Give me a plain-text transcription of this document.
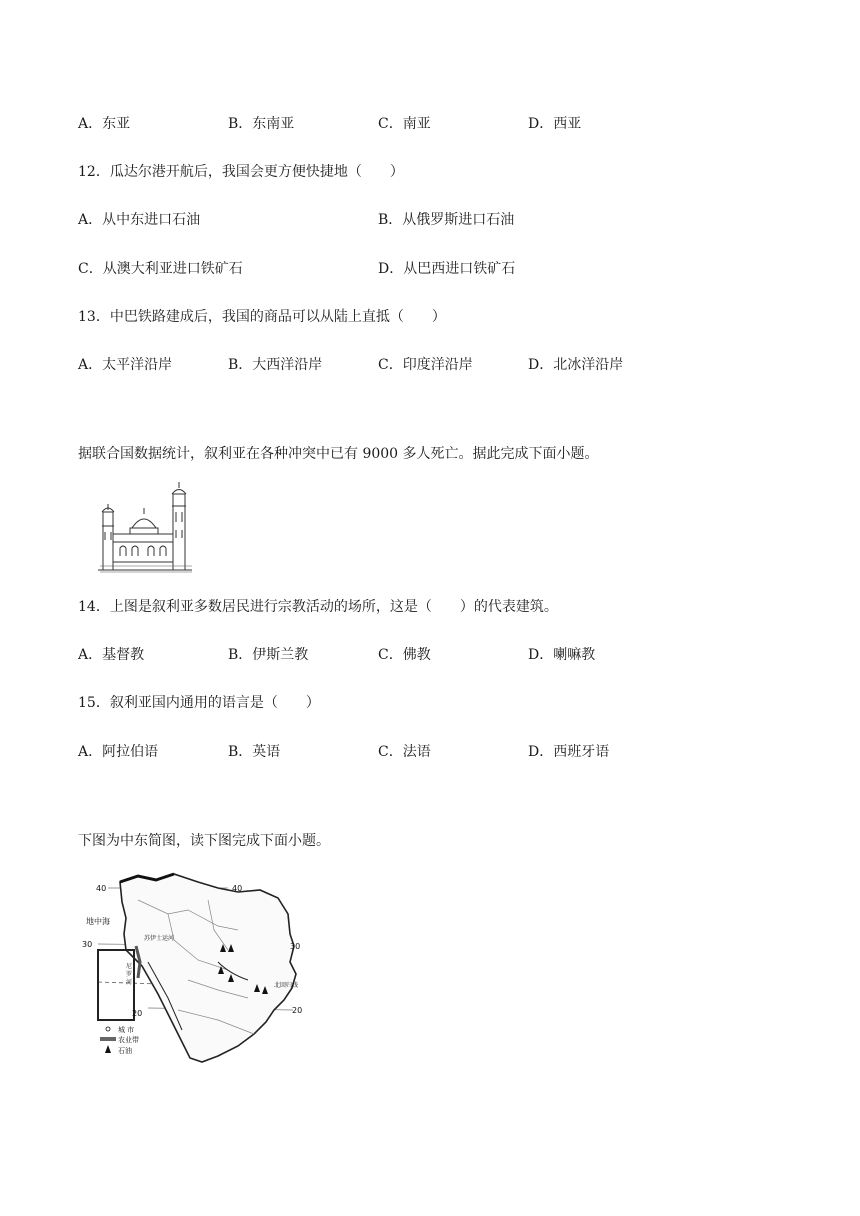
A．东亚	B．东南亚	C．南亚	D．西亚
12．瓜达尔港开航后，我国会更方便快捷地（　　）
A．从中东进口石油	B．从俄罗斯进口石油
C．从澳大利亚进口铁矿石	D．从巴西进口铁矿石
13．中巴铁路建成后，我国的商品可以从陆上直抵（　　）
A．太平洋沿岸	B．大西洋沿岸	C．印度洋沿岸	D．北冰洋沿岸
据联合国数据统计，叙利亚在各种冲突中已有 9000 多人死亡。据此完成下面小题。
14．上图是叙利亚多数居民进行宗教活动的场所，这是（　　）的代表建筑。
A．基督教	B．伊斯兰教	C．佛教	D．喇嘛教
15．叙利亚国内通用的语言是（　　）
A．阿拉伯语	B．英语	C．法语	D．西班牙语
下图为中东简图，读下图完成下面小题。
40	40
30	30
20	20
地中海
苏伊士运河
尼
罗
河	北回归线
城 市
农业带
石油
